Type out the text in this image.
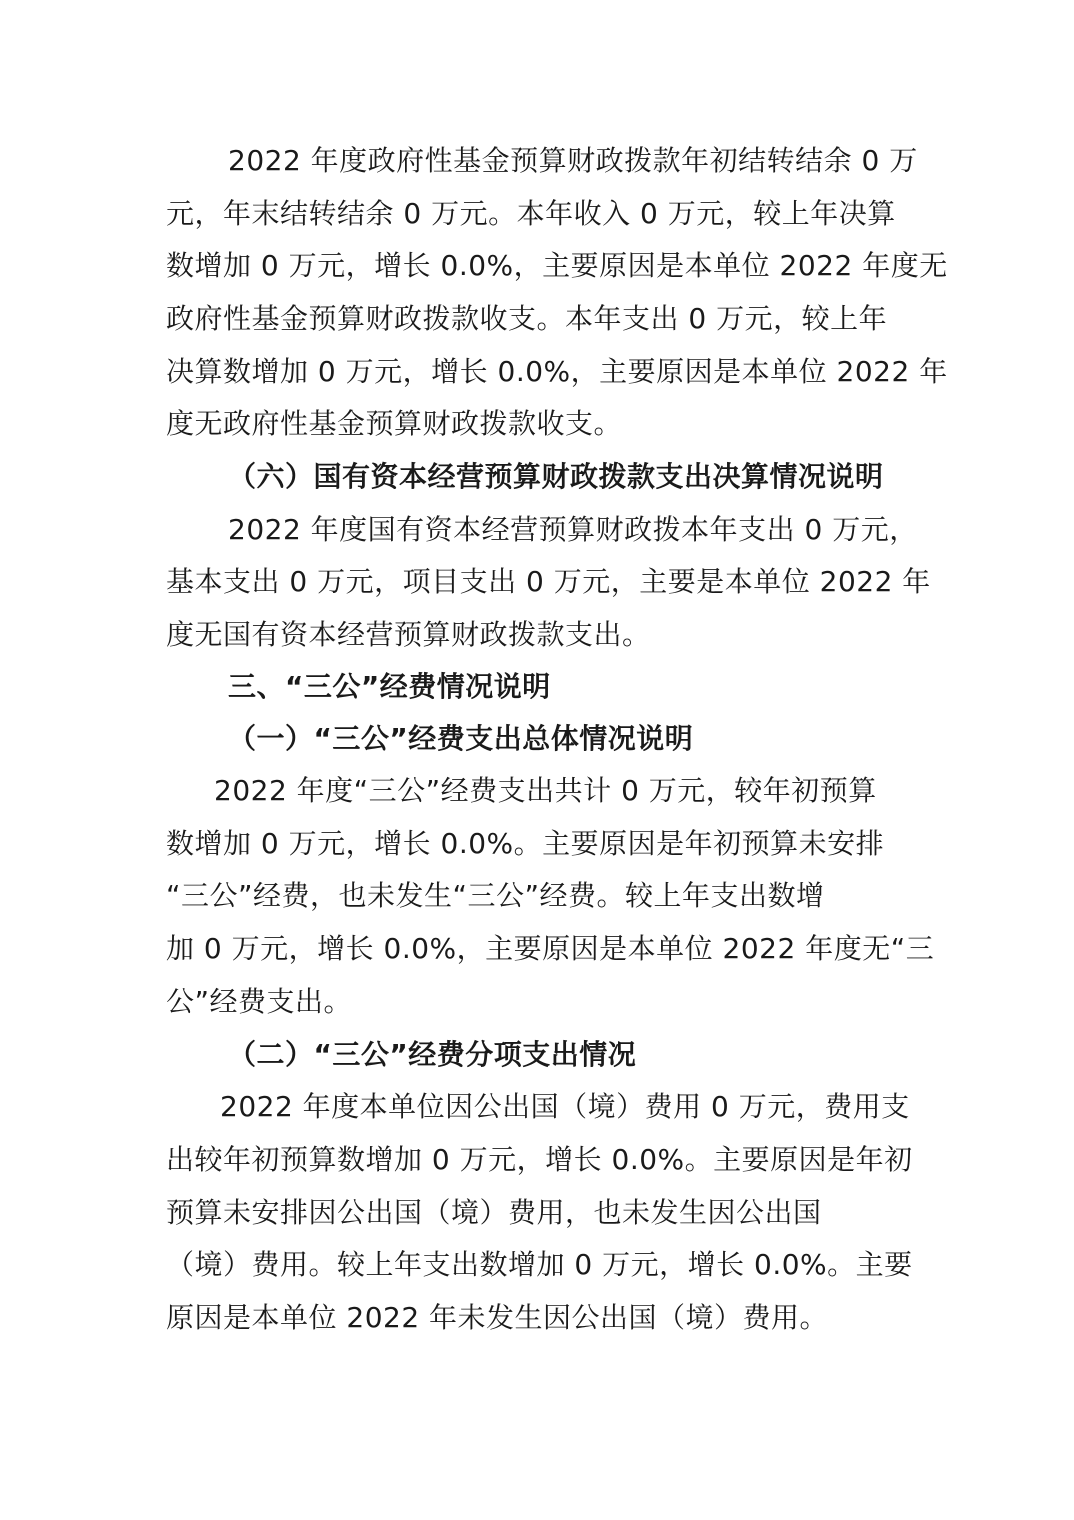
2022 年度政府性基金预算财政拨款年初结转结余 0 万
元，年末结转结余 0 万元。本年收入 0 万元，较上年决算
数增加 0 万元，增长 0.0%，主要原因是本单位 2022 年度无
政府性基金预算财政拨款收支。本年支出 0 万元，较上年
决算数增加 0 万元，增长 0.0%，主要原因是本单位 2022 年
度无政府性基金预算财政拨款收支。
（六）国有资本经营预算财政拨款支出决算情况说明
2022 年度国有资本经营预算财政拨本年支出 0 万元，
基本支出 0 万元，项目支出 0 万元，主要是本单位 2022 年
度无国有资本经营预算财政拨款支出。
三、“三公”经费情况说明
（一）“三公”经费支出总体情况说明
2022 年度“三公”经费支出共计 0 万元，较年初预算
数增加 0 万元，增长 0.0%。主要原因是年初预算未安排
“三公”经费，也未发生“三公”经费。较上年支出数增
加 0 万元，增长 0.0%，主要原因是本单位 2022 年度无“三
公”经费支出。
（二）“三公”经费分项支出情况
2022 年度本单位因公出国（境）费用 0 万元，费用支
出较年初预算数增加 0 万元，增长 0.0%。主要原因是年初
预算未安排因公出国（境）费用，也未发生因公出国
（境）费用。较上年支出数增加 0 万元，增长 0.0%。主要
原因是本单位 2022 年未发生因公出国（境）费用。
